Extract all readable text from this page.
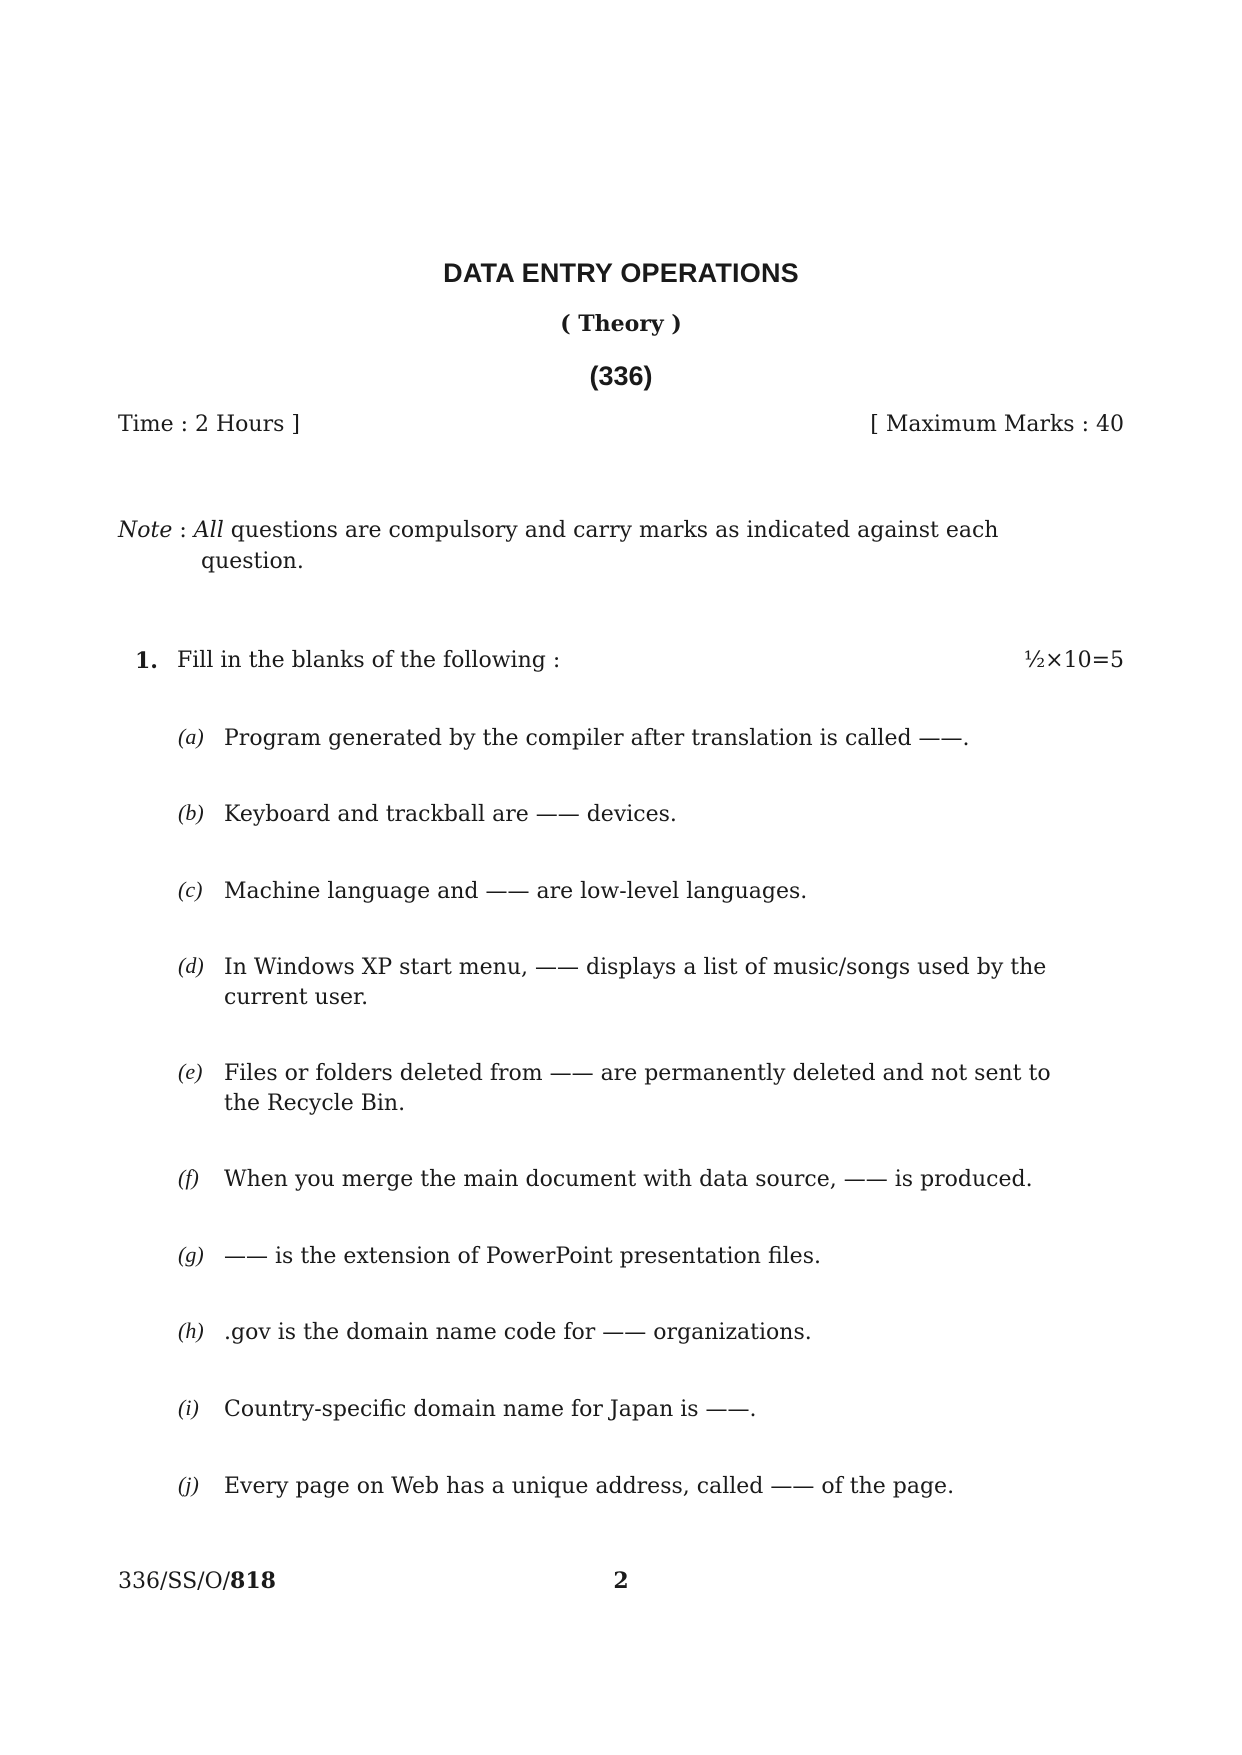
DATA ENTRY OPERATIONS
( Theory )
(336)
Time : 2 Hours ]	[ Maximum Marks : 40
Note : All questions are compulsory and carry marks as indicated against each
question.
1. Fill in the blanks of the following :	½×10=5
(a) Program generated by the compiler after translation is called ——.
(b) Keyboard and trackball are —— devices.
(c) Machine language and —— are low-level languages.
(d) In Windows XP start menu, —— displays a list of music/songs used by the current user.
(e) Files or folders deleted from —— are permanently deleted and not sent to the Recycle Bin.
(f) When you merge the main document with data source, —— is produced.
(g) —— is the extension of PowerPoint presentation files.
(h) .gov is the domain name code for —— organizations.
(i) Country-specific domain name for Japan is ——.
(j) Every page on Web has a unique address, called —— of the page.
336/SS/O/818	2
